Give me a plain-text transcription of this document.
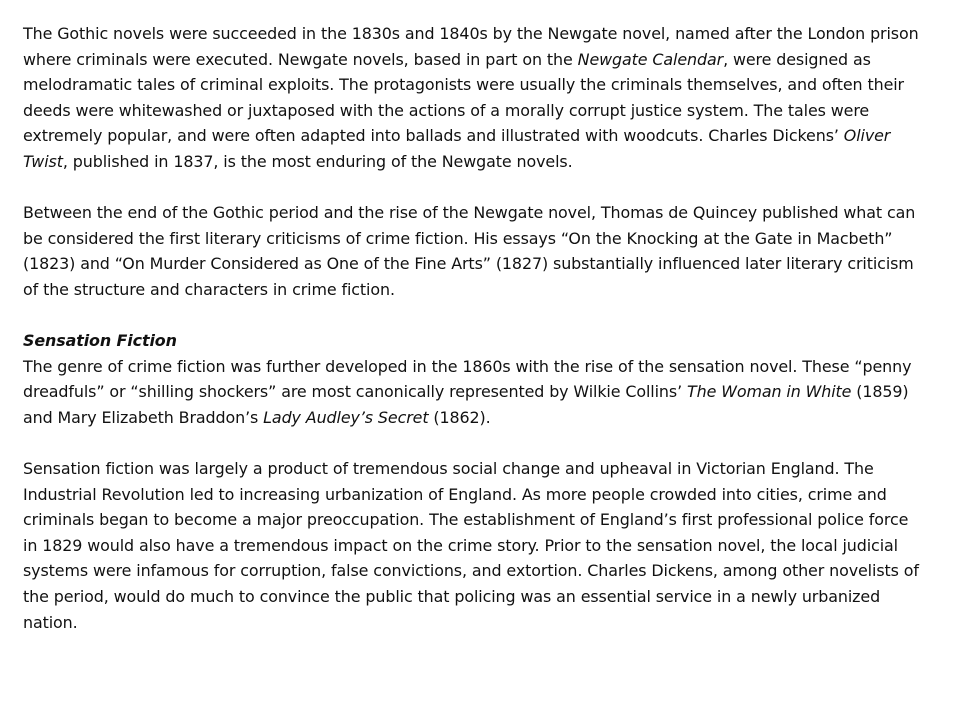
The Gothic novels were succeeded in the 1830s and 1840s by the Newgate novel, named after the London prison where criminals were executed. Newgate novels, based in part on the Newgate Calendar, were designed as melodramatic tales of criminal exploits. The protagonists were usually the criminals themselves, and often their deeds were whitewashed or juxtaposed with the actions of a morally corrupt justice system. The tales were extremely popular, and were often adapted into ballads and illustrated with woodcuts. Charles Dickens’ Oliver Twist, published in 1837, is the most enduring of the Newgate novels.

Between the end of the Gothic period and the rise of the Newgate novel, Thomas de Quincey published what can be considered the first literary criticisms of crime fiction. His essays “On the Knocking at the Gate in Macbeth” (1823) and “On Murder Considered as One of the Fine Arts” (1827) substantially influenced later literary criticism of the structure and characters in crime fiction.

Sensation Fiction

The genre of crime fiction was further developed in the 1860s with the rise of the sensation novel. These “penny dreadfuls” or “shilling shockers” are most canonically represented by Wilkie Collins’ The Woman in White (1859) and Mary Elizabeth Braddon’s Lady Audley’s Secret (1862).

Sensation fiction was largely a product of tremendous social change and upheaval in Victorian England. The Industrial Revolution led to increasing urbanization of England. As more people crowded into cities, crime and criminals began to become a major preoccupation. The establishment of England’s first professional police force in 1829 would also have a tremendous impact on the crime story. Prior to the sensation novel, the local judicial systems were infamous for corruption, false convictions, and extortion. Charles Dickens, among other novelists of the period, would do much to convince the public that policing was an essential service in a newly urbanized nation.
